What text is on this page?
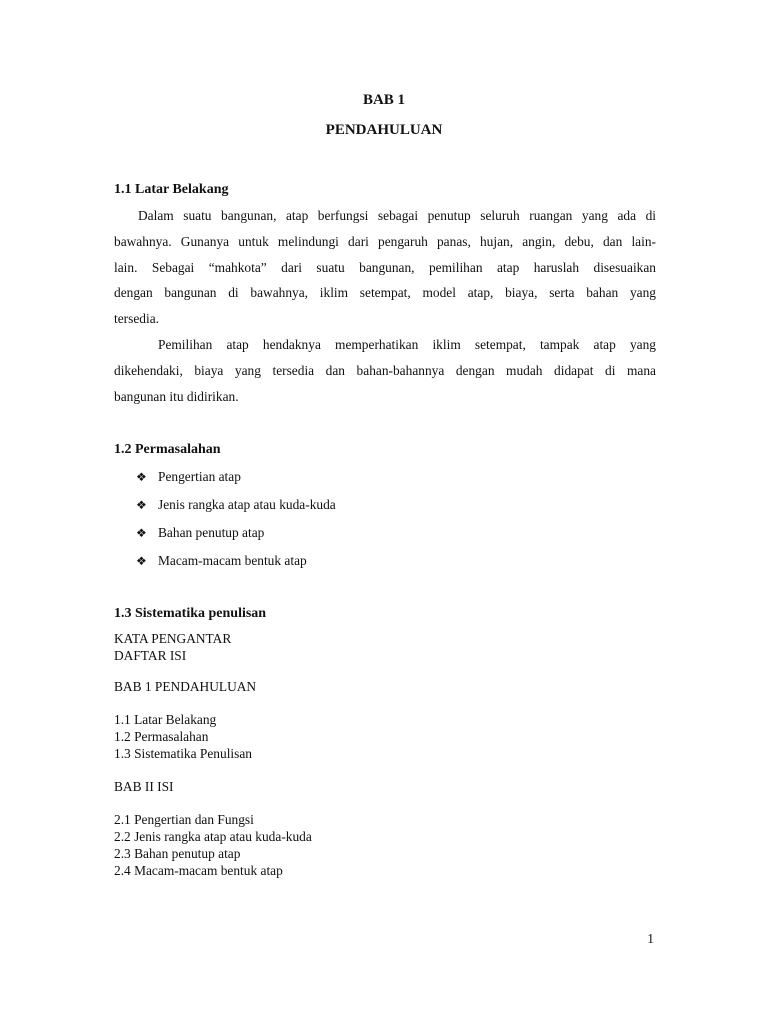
BAB 1
PENDAHULUAN
1.1 Latar Belakang
Dalam suatu bangunan, atap berfungsi sebagai penutup seluruh ruangan yang ada di
bawahnya. Gunanya untuk melindungi dari pengaruh panas, hujan, angin, debu, dan lain-
lain. Sebagai “mahkota” dari suatu bangunan, pemilihan atap haruslah disesuaikan
dengan bangunan di bawahnya, iklim setempat, model atap, biaya, serta bahan yang
tersedia.
Pemilihan atap hendaknya memperhatikan iklim setempat, tampak atap yang
dikehendaki, biaya yang tersedia dan bahan-bahannya dengan mudah didapat di mana
bangunan itu didirikan.
1.2 Permasalahan
❖ Pengertian atap
❖ Jenis rangka atap atau kuda-kuda
❖ Bahan penutup atap
❖ Macam-macam bentuk atap
1.3 Sistematika penulisan
KATA PENGANTAR
DAFTAR ISI
BAB 1 PENDAHULUAN
1.1 Latar Belakang
1.2 Permasalahan
1.3 Sistematika Penulisan
BAB II ISI
2.1 Pengertian dan Fungsi
2.2 Jenis rangka atap atau kuda-kuda
2.3 Bahan penutup atap
2.4 Macam-macam bentuk atap
1
